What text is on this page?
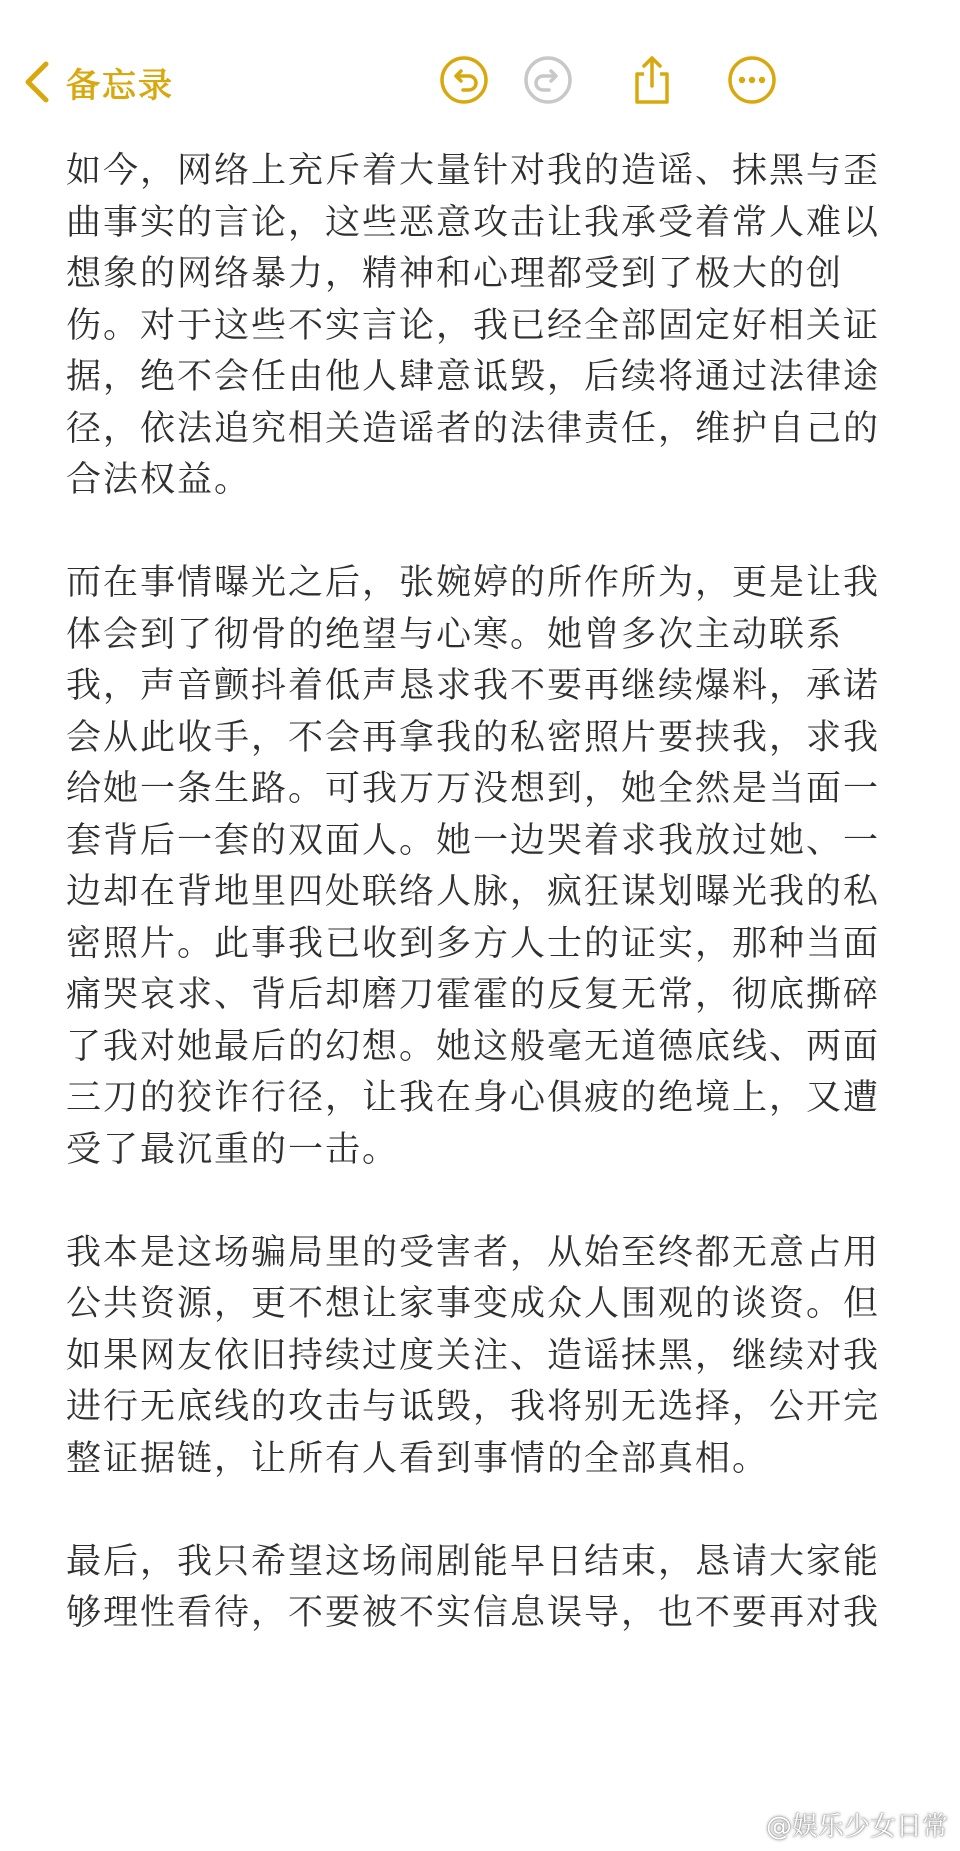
备忘录

如今，网络上充斥着大量针对我的造谣、抹黑与歪
曲事实的言论，这些恶意攻击让我承受着常人难以
想象的网络暴力，精神和心理都受到了极大的创
伤。对于这些不实言论，我已经全部固定好相关证
据，绝不会任由他人肆意诋毁，后续将通过法律途
径，依法追究相关造谣者的法律责任，维护自己的
合法权益。

而在事情曝光之后，张婉婷的所作所为，更是让我
体会到了彻骨的绝望与心寒。她曾多次主动联系
我，声音颤抖着低声恳求我不要再继续爆料，承诺
会从此收手，不会再拿我的私密照片要挟我，求我
给她一条生路。可我万万没想到，她全然是当面一
套背后一套的双面人。她一边哭着求我放过她、一
边却在背地里四处联络人脉，疯狂谋划曝光我的私
密照片。此事我已收到多方人士的证实，那种当面
痛哭哀求、背后却磨刀霍霍的反复无常，彻底撕碎
了我对她最后的幻想。她这般毫无道德底线、两面
三刀的狡诈行径，让我在身心俱疲的绝境上，又遭
受了最沉重的一击。

我本是这场骗局里的受害者，从始至终都无意占用
公共资源，更不想让家事变成众人围观的谈资。但
如果网友依旧持续过度关注、造谣抹黑，继续对我
进行无底线的攻击与诋毁，我将别无选择，公开完
整证据链，让所有人看到事情的全部真相。

最后，我只希望这场闹剧能早日结束，恳请大家能
够理性看待，不要被不实信息误导，也不要再对我

@娱乐少女日常
